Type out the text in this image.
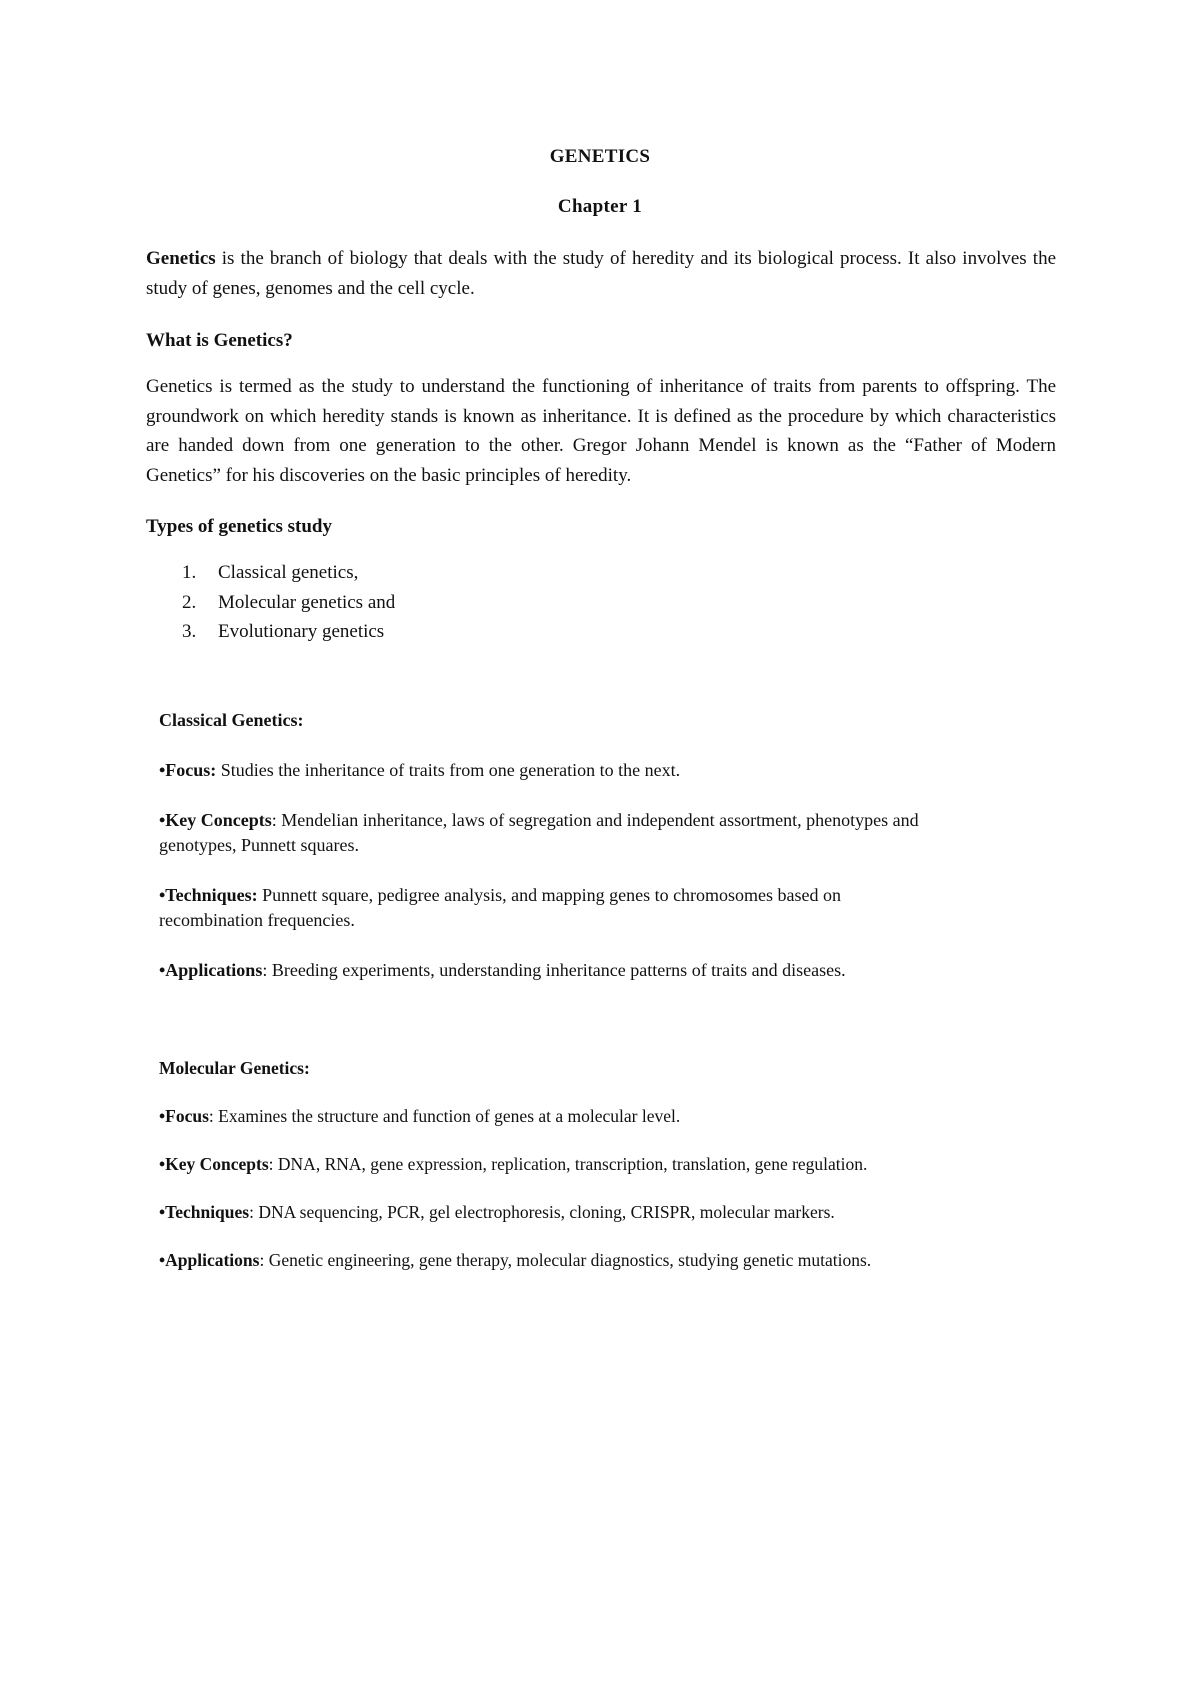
GENETICS
Chapter 1
Genetics is the branch of biology that deals with the study of heredity and its biological process. It also involves the study of genes, genomes and the cell cycle.
What is Genetics?
Genetics is termed as the study to understand the functioning of inheritance of traits from parents to offspring. The groundwork on which heredity stands is known as inheritance. It is defined as the procedure by which characteristics are handed down from one generation to the other. Gregor Johann Mendel is known as the “Father of Modern Genetics” for his discoveries on the basic principles of heredity.
Types of genetics study
1. Classical genetics,
2. Molecular genetics and
3. Evolutionary genetics
Classical Genetics:
•Focus: Studies the inheritance of traits from one generation to the next.
•Key Concepts: Mendelian inheritance, laws of segregation and independent assortment, phenotypes and genotypes, Punnett squares.
•Techniques: Punnett square, pedigree analysis, and mapping genes to chromosomes based on recombination frequencies.
•Applications: Breeding experiments, understanding inheritance patterns of traits and diseases.
Molecular Genetics:
•Focus: Examines the structure and function of genes at a molecular level.
•Key Concepts: DNA, RNA, gene expression, replication, transcription, translation, gene regulation.
•Techniques: DNA sequencing, PCR, gel electrophoresis, cloning, CRISPR, molecular markers.
•Applications: Genetic engineering, gene therapy, molecular diagnostics, studying genetic mutations.
